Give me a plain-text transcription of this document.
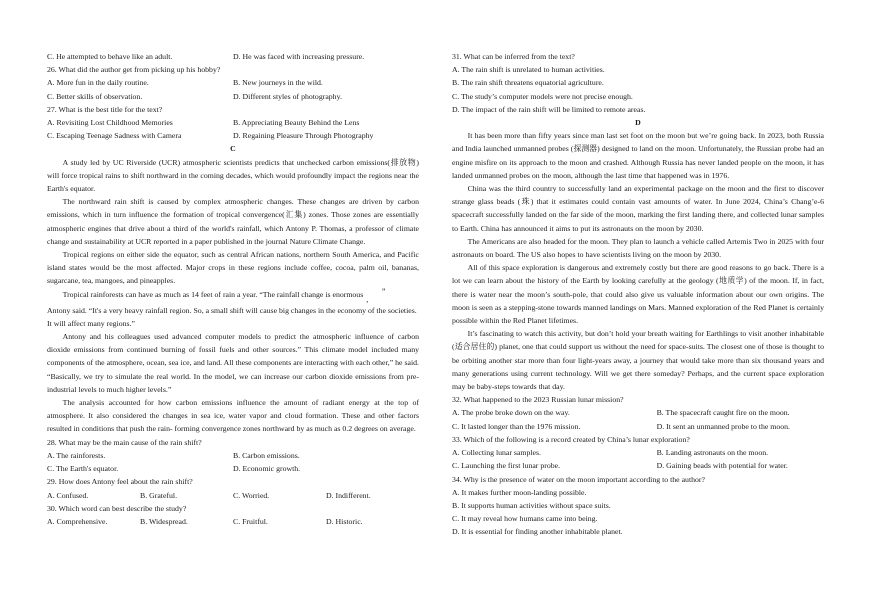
C. He attempted to behave like an adult.	D. He was faced with increasing pressure.
26. What did the author get from picking up his hobby?
A. More fun in the daily routine.	B. New journeys in the wild.
C. Better skills of observation.	D. Different styles of photography.
27. What is the best title for the text?
A. Revisiting Lost Childhood Memories	B. Appreciating Beauty Behind the Lens
C. Escaping Teenage Sadness with Camera	D. Regaining Pleasure Through Photography
C
A study led by UC Riverside (UCR) atmospheric scientists predicts that unchecked carbon emissions(排放物) will force tropical rains to shift northward in the coming decades, which would profoundly impact the regions near the Earth's equator.
The northward rain shift is caused by complex atmospheric changes. These changes are driven by carbon emissions, which in turn influence the formation of tropical convergence(汇集) zones. Those zones are essentially atmospheric engines that drive about a third of the world's rainfall, which Antony P. Thomas, a professor of climate change and sustainability at UCR reported in a paper published in the journal Nature Climate Change.
Tropical regions on either side the equator, such as central African nations, northern South America, and Pacific island states would be the most affected. Major crops in these regions include coffee, cocoa, palm oil, bananas, sugarcane, tea, mangoes, and pineapples.
Tropical rainforests can have as much as 14 feet of rain a year. “The rainfall change is enormous ”
,
Antony said. “It's a very heavy rainfall region. So, a small shift will cause big changes in the economy of the societies. It will affect many regions.”
Antony and his colleagues used advanced computer models to predict the atmospheric influence of carbon dioxide emissions from continued burning of fossil fuels and other sources.” This climate model included many components of the atmosphere, ocean, sea ice, and land. All these components are interacting with each other,” he said. “Basically, we try to simulate the real world. In the model, we can increase our carbon dioxide emissions from pre-industrial levels to much higher levels.”
The analysis accounted for how carbon emissions influence the amount of radiant energy at the top of atmosphere. It also considered the changes in sea ice, water vapor and cloud formation. These and other factors resulted in conditions that push the rain- forming convergence zones northward by as much as 0.2 degrees on average.
28. What may be the main cause of the rain shift?
A. The rainforests.	B. Carbon emissions.
C. The Earth's equator.	D. Economic growth.
29. How does Antony feel about the rain shift?
A. Confused.	B. Grateful.	C. Worried.	D. Indifferent.
30. Which word can best describe the study?
A. Comprehensive.	B. Widespread.	C. Fruitful.	D. Historic.
31. What can be inferred from the text?
A. The rain shift is unrelated to human activities.
B. The rain shift threatens equatorial agriculture.
C. The study’s computer models were not precise enough.
D. The impact of the rain shift will be limited to remote areas.
D
It has been more than fifty years since man last set foot on the moon but we’re going back. In 2023, both Russia and India launched unmanned probes (探测器) designed to land on the moon. Unfortunately, the Russian probe had an engine misfire on its approach to the moon and crashed. Although Russia has never landed people on the moon, it has landed unmanned probes on the moon, although the last time that happened was in 1976.
China was the third country to successfully land an experimental package on the moon and the first to discover strange glass beads (珠) that it estimates could contain vast amounts of water. In June 2024, China’s Chang’e-6 spacecraft successfully landed on the far side of the moon, marking the first landing there, and collected lunar samples to Earth. China has announced it aims to put its astronauts on the moon by 2030.
The Americans are also headed for the moon. They plan to launch a vehicle called Artemis Two in 2025 with four astronauts on board. The US also hopes to have scientists living on the moon by 2030.
All of this space exploration is dangerous and extremely costly but there are good reasons to go back. There is a lot we can learn about the history of the Earth by looking carefully at the geology (地质学) of the moon. If, in fact, there is water near the moon’s south-pole, that could also give us valuable information about our own origins. The moon is seen as a stepping-stone towards manned landings on Mars. Manned exploration of the Red Planet is certainly possible within the Red Planet lifetimes.
It’s fascinating to watch this activity, but don’t hold your breath waiting for Earthlings to visit another inhabitable (适合居住的) planet, one that could support us without the need for space-suits. The closest one of those is thought to be orbiting another star more than four light-years away, a journey that would take more than six thousand years and many generations using current technology. Will we get there someday? Perhaps, and the current space exploration may be baby-steps towards that day.
32. What happened to the 2023 Russian lunar mission?
A. The probe broke down on the way.	B. The spacecraft caught fire on the moon.
C. It lasted longer than the 1976 mission.	D. It sent an unmanned probe to the moon.
33. Which of the following is a record created by China’s lunar exploration?
A. Collecting lunar samples.	B. Landing astronauts on the moon.
C. Launching the first lunar probe.	D. Gaining beads with potential for water.
34. Why is the presence of water on the moon important according to the author?
A. It makes further moon-landing possible.
B. It supports human activities without space suits.
C. It may reveal how humans came into being.
D. It is essential for finding another inhabitable planet.
